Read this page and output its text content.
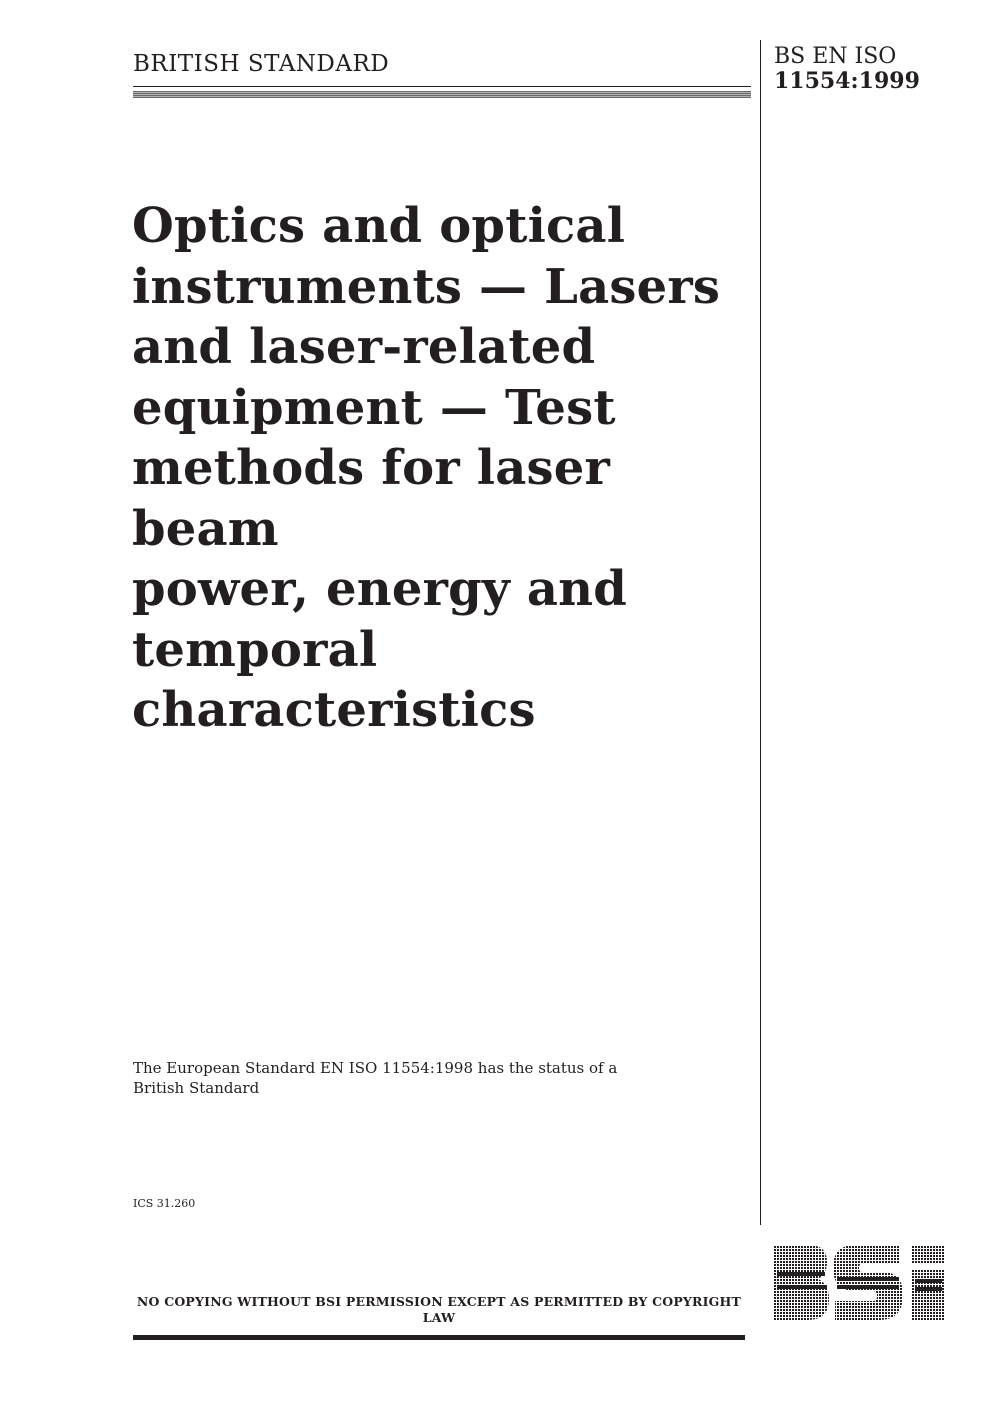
BRITISH STANDARD	BS EN ISO
11554:1999
Optics and optical
instruments — Lasers
and laser-related
equipment — Test
methods for laser beam
power, energy and
temporal
characteristics
The European Standard EN ISO 11554:1998 has the status of a
British Standard
ICS 31.260
NO COPYING WITHOUT BSI PERMISSION EXCEPT AS PERMITTED BY COPYRIGHT LAW
